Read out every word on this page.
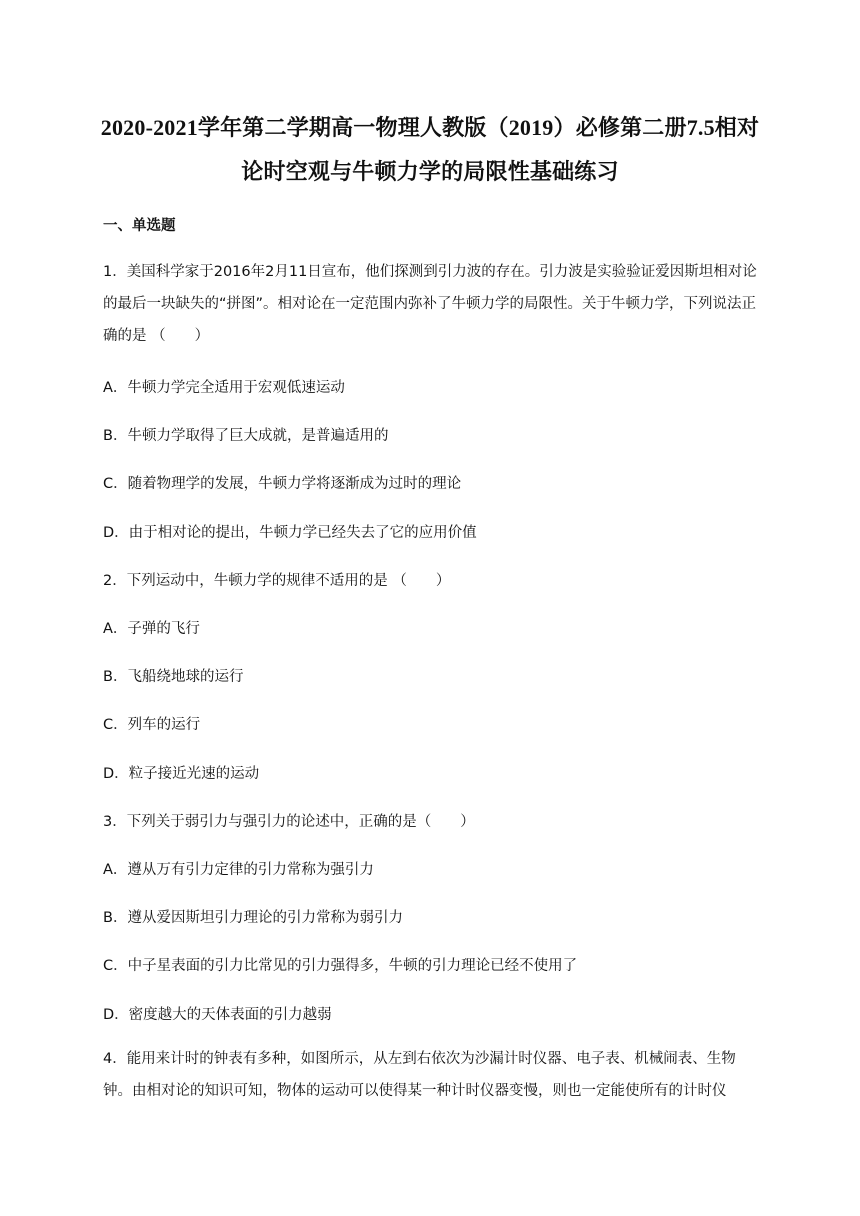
2020-2021学年第二学期高一物理人教版（2019）必修第二册7.5相对论时空观与牛顿力学的局限性基础练习
一、单选题
1．美国科学家于2016年2月11日宣布，他们探测到引力波的存在。引力波是实验验证爱因斯坦相对论的最后一块缺失的“拼图”。相对论在一定范围内弥补了牛顿力学的局限性。关于牛顿力学，下列说法正确的是 （　　）
A．牛顿力学完全适用于宏观低速运动
B．牛顿力学取得了巨大成就，是普遍适用的
C．随着物理学的发展，牛顿力学将逐渐成为过时的理论
D．由于相对论的提出，牛顿力学已经失去了它的应用价值
2．下列运动中，牛顿力学的规律不适用的是 （　　）
A．子弹的飞行
B．飞船绕地球的运行
C．列车的运行
D．粒子接近光速的运动
3．下列关于弱引力与强引力的论述中，正确的是（　　）
A．遵从万有引力定律的引力常称为强引力
B．遵从爱因斯坦引力理论的引力常称为弱引力
C．中子星表面的引力比常见的引力强得多，牛顿的引力理论已经不使用了
D．密度越大的天体表面的引力越弱
4．能用来计时的钟表有多种，如图所示，从左到右依次为沙漏计时仪器、电子表、机械闹表、生物钟。由相对论的知识可知，物体的运动可以使得某一种计时仪器变慢，则也一定能使所有的计时仪
